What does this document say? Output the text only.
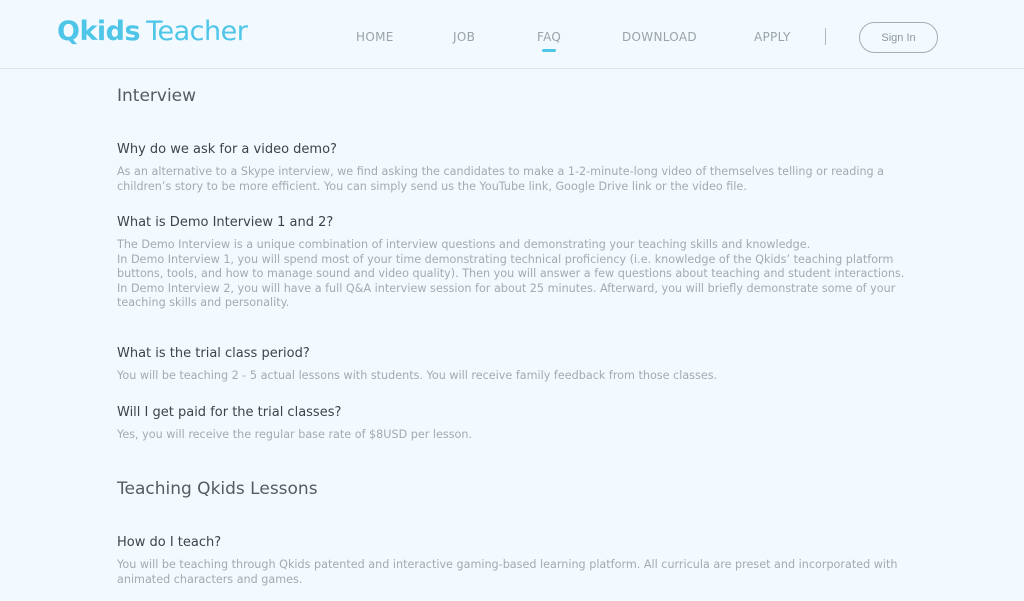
Qkids Teacher	HOME	JOB	FAQ	DOWNLOAD	APPLY	Sign In
Interview
Why do we ask for a video demo?

As an alternative to a Skype interview, we find asking the candidates to make a 1-2-minute-long video of themselves telling or reading a children’s story to be more efficient. You can simply send us the YouTube link, Google Drive link or the video file.

What is Demo Interview 1 and 2?

The Demo Interview is a unique combination of interview questions and demonstrating your teaching skills and knowledge.

In Demo Interview 1, you will spend most of your time demonstrating technical proficiency (i.e. knowledge of the Qkids’ teaching platform buttons, tools, and how to manage sound and video quality). Then you will answer a few questions about teaching and student interactions.

In Demo Interview 2, you will have a full Q&A interview session for about 25 minutes. Afterward, you will briefly demonstrate some of your teaching skills and personality.

What is the trial class period?

You will be teaching 2 - 5 actual lessons with students. You will receive family feedback from those classes.

Will I get paid for the trial classes?

Yes, you will receive the regular base rate of $8USD per lesson.

Teaching Qkids Lessons
How do I teach?

You will be teaching through Qkids patented and interactive gaming-based learning platform. All curricula are preset and incorporated with animated characters and games.
